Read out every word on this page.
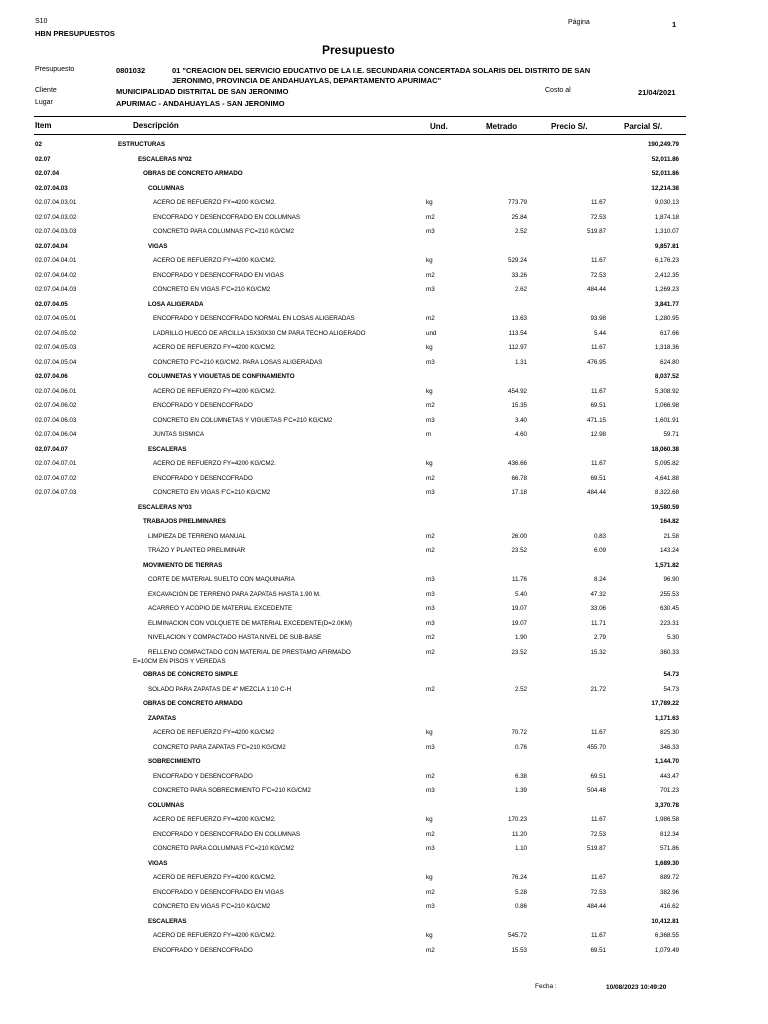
S10
HBN PRESUPUESTOS
Página	1
Presupuesto
Presupuesto	0801032	01 "CREACION DEL SERVICIO EDUCATIVO DE LA I.E. SECUNDARIA CONCERTADA SOLARIS DEL DISTRITO DE SAN
JERONIMO, PROVINCIA DE ANDAHUAYLAS, DEPARTAMENTO APURIMAC"
Cliente	MUNICIPALIDAD DISTRITAL DE SAN JERONIMO	Costo al	21/04/2021
Lugar	APURIMAC - ANDAHUAYLAS - SAN JERONIMO
Item	Descripción	Und.	Metrado	Precio S/.	Parcial S/.
02	ESTRUCTURAS	190,249.79
02.07	ESCALERAS Nº02	52,011.86
02.07.04	OBRAS DE CONCRETO ARMADO	52,011.86
02.07.04.03	COLUMNAS	12,214.38
02.07.04.03.01	ACERO DE REFUERZO FY=4200 KG/CM2.	kg	773.79	11.67	9,030.13
02.07.04.03.02	ENCOFRADO Y DESENCOFRADO EN COLUMNAS	m2	25.84	72.53	1,874.18
02.07.04.03.03	CONCRETO PARA COLUMNAS F'C=210 KG/CM2	m3	2.52	519.87	1,310.07
02.07.04.04	VIGAS	9,857.81
02.07.04.04.01	ACERO DE REFUERZO FY=4200 KG/CM2.	kg	529.24	11.67	6,176.23
02.07.04.04.02	ENCOFRADO Y DESENCOFRADO EN VIGAS	m2	33.26	72.53	2,412.35
02.07.04.04.03	CONCRETO EN VIGAS F'C=210 KG/CM2	m3	2.62	484.44	1,269.23
02.07.04.05	LOSA ALIGERADA	3,841.77
02.07.04.05.01	ENCOFRADO Y DESENCOFRADO NORMAL EN LOSAS ALIGERADAS	m2	13.63	93.98	1,280.95
02.07.04.05.02	LADRILLO HUECO DE ARCILLA 15X30X30 CM PARA TECHO ALIGERADO	und	113.54	5.44	617.66
02.07.04.05.03	ACERO DE REFUERZO FY=4200 KG/CM2.	kg	112.97	11.67	1,318.36
02.07.04.05.04	CONCRETO F'C=210 KG/CM2. PARA LOSAS ALIGERADAS	m3	1.31	476.95	624.80
02.07.04.06	COLUMNETAS Y VIGUETAS DE CONFINAMIENTO	8,037.52
02.07.04.06.01	ACERO DE REFUERZO FY=4200 KG/CM2.	kg	454.92	11.67	5,308.92
02.07.04.06.02	ENCOFRADO Y DESENCOFRADO	m2	15.35	69.51	1,066.98
02.07.04.06.03	CONCRETO EN COLUMNETAS Y VIGUETAS F'C=210 KG/CM2	m3	3.40	471.15	1,601.91
02.07.04.06.04	JUNTAS SISMICA	m	4.60	12.98	59.71
02.07.04.07	ESCALERAS	18,060.38
02.07.04.07.01	ACERO DE REFUERZO FY=4200 KG/CM2.	kg	436.66	11.67	5,095.82
02.07.04.07.02	ENCOFRADO Y DESENCOFRADO	m2	66.78	69.51	4,641.88
02.07.04.07.03	CONCRETO EN VIGAS F'C=210 KG/CM2	m3	17.18	484.44	8,322.68
ESCALERAS Nº03	19,580.59
TRABAJOS PRELIMINARES	164.82
LIMPIEZA DE TERRENO MANUAL	m2	26.00	0.83	21.58
TRAZO Y PLANTEO PRELIMINAR	m2	23.52	6.09	143.24
MOVIMIENTO DE TIERRAS	1,571.82
CORTE DE MATERIAL SUELTO CON MAQUINARIA	m3	11.76	8.24	96.90
EXCAVACION DE TERRENO PARA ZAPATAS HASTA 1.90 M.	m3	5.40	47.32	255.53
ACARREO Y ACOPIO DE MATERIAL EXCEDENTE	m3	19.07	33.06	630.45
ELIMINACION CON VOLQUETE DE MATERIAL EXCEDENTE(D=2.0KM)	m3	19.07	11.71	223.31
NIVELACION Y COMPACTADO HASTA NIVEL DE SUB-BASE	m2	1.90	2.79	5.30
RELLENO COMPACTADO CON MATERIAL DE PRESTAMO AFIRMADO	m2	23.52	15.32	360.33
E=10CM EN PISOS Y VEREDAS
OBRAS DE CONCRETO SIMPLE	54.73
SOLADO PARA ZAPATAS DE 4" MEZCLA 1:10 C-H	m2	2.52	21.72	54.73
OBRAS DE CONCRETO ARMADO	17,789.22
ZAPATAS	1,171.63
ACERO DE REFUERZO FY=4200 KG/CM2	kg	70.72	11.67	825.30
CONCRETO PARA ZAPATAS F'C=210 KG/CM2	m3	0.76	455.70	346.33
SOBRECIMIENTO	1,144.70
ENCOFRADO Y DESENCOFRADO	m2	6.38	69.51	443.47
CONCRETO PARA SOBRECIMIENTO F'C=210 KG/CM2	m3	1.39	504.48	701.23
COLUMNAS	3,370.78
ACERO DE REFUERZO FY=4200 KG/CM2.	kg	170.23	11.67	1,986.58
ENCOFRADO Y DESENCOFRADO EN COLUMNAS	m2	11.20	72.53	812.34
CONCRETO PARA COLUMNAS F'C=210 KG/CM2	m3	1.10	519.87	571.86
VIGAS	1,689.30
ACERO DE REFUERZO FY=4200 KG/CM2.	kg	76.24	11.67	889.72
ENCOFRADO Y DESENCOFRADO EN VIGAS	m2	5.28	72.53	382.96
CONCRETO EN VIGAS F'C=210 KG/CM2	m3	0.86	484.44	416.62
ESCALERAS	10,412.81
ACERO DE REFUERZO FY=4200 KG/CM2.	kg	545.72	11.67	6,368.55
ENCOFRADO Y DESENCOFRADO	m2	15.53	69.51	1,079.49
Fecha :	10/08/2023 10:49:20
